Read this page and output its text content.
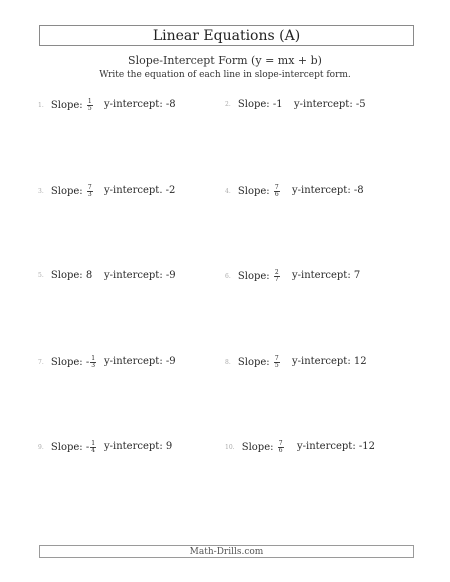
Linear Equations (A)
Slope-Intercept Form (y = mx + b)
Write the equation of each line in slope-intercept form.
1. Slope: $\frac{1}{5}$ y-intercept: -8	2. Slope: -1 y-intercept: -5
3. Slope: $\frac{7}{3}$ y-intercept. -2	4. Slope: $\frac{7}{6}$ y-intercept: -8
5. Slope: 8 y-intercept: -9	6. Slope: $\frac{2}{7}$ y-intercept: 7
7. Slope: - $\frac{1}{3}$ y-intercept: -9	8. Slope: $\frac{7}{5}$ y-intercept: 12
9. Slope: - $\frac{1}{4}$ y-intercept: 9	10. Slope: $\frac{7}{6}$ y-intercept: -12
Math-Drills.com
